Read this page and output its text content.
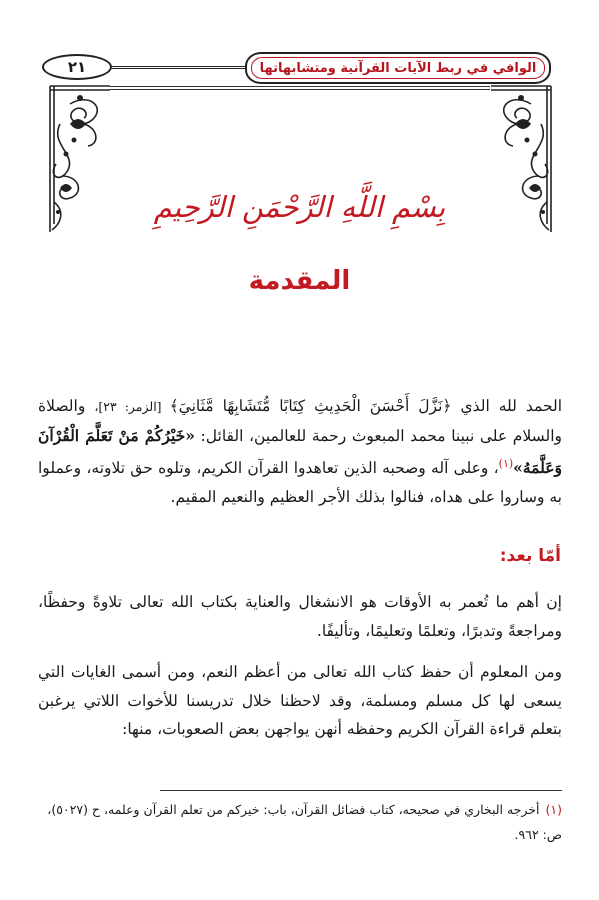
٢١	الوافي في ربط الآيات القرآنية ومتشابهاتها
بِسْمِ اللَّهِ الرَّحْمَنِ الرَّحِيمِ
المقدمة
الحمد لله الذي ﴿نَزَّلَ أَحْسَنَ الْحَدِيثِ كِتَابًا مُّتَشَابِهًا مَّثَانِيَ﴾ [الزمر: ٢٣]، والصلاة والسلام على نبينا محمد المبعوث رحمة للعالمين، القائل: «خَيْرُكُمْ مَنْ تَعَلَّمَ الْقُرْآنَ وَعَلَّمَهُ»$^{(١)}$، وعلى آله وصحبه الذين تعاهدوا القرآن الكريم، وتلوه حق تلاوته، وعملوا به وساروا على هداه، فنالوا بذلك الأجر العظيم والنعيم المقيم.
أمّا بعد:
إن أهم ما تُعمر به الأوقات هو الانشغال والعناية بكتاب الله تعالى تلاوةً وحفظًا، ومراجعةً وتدبرًا، وتعلمًا وتعليمًا، وتأليفًا.
ومن المعلوم أن حفظ كتاب الله تعالى من أعظم النعم، ومن أسمى الغايات التي يسعى لها كل مسلم ومسلمة، وقد لاحظنا خلال تدريسنا للأخوات اللاتي يرغبن بتعلم قراءة القرآن الكريم وحفظه أنهن يواجهن بعض الصعوبات، منها:
(١)أخرجه البخاري في صحيحه، كتاب فضائل القرآن، باب: خيركم من تعلم القرآن وعلمه، ح (٥٠٢٧)، ص: ٩٦٢.
